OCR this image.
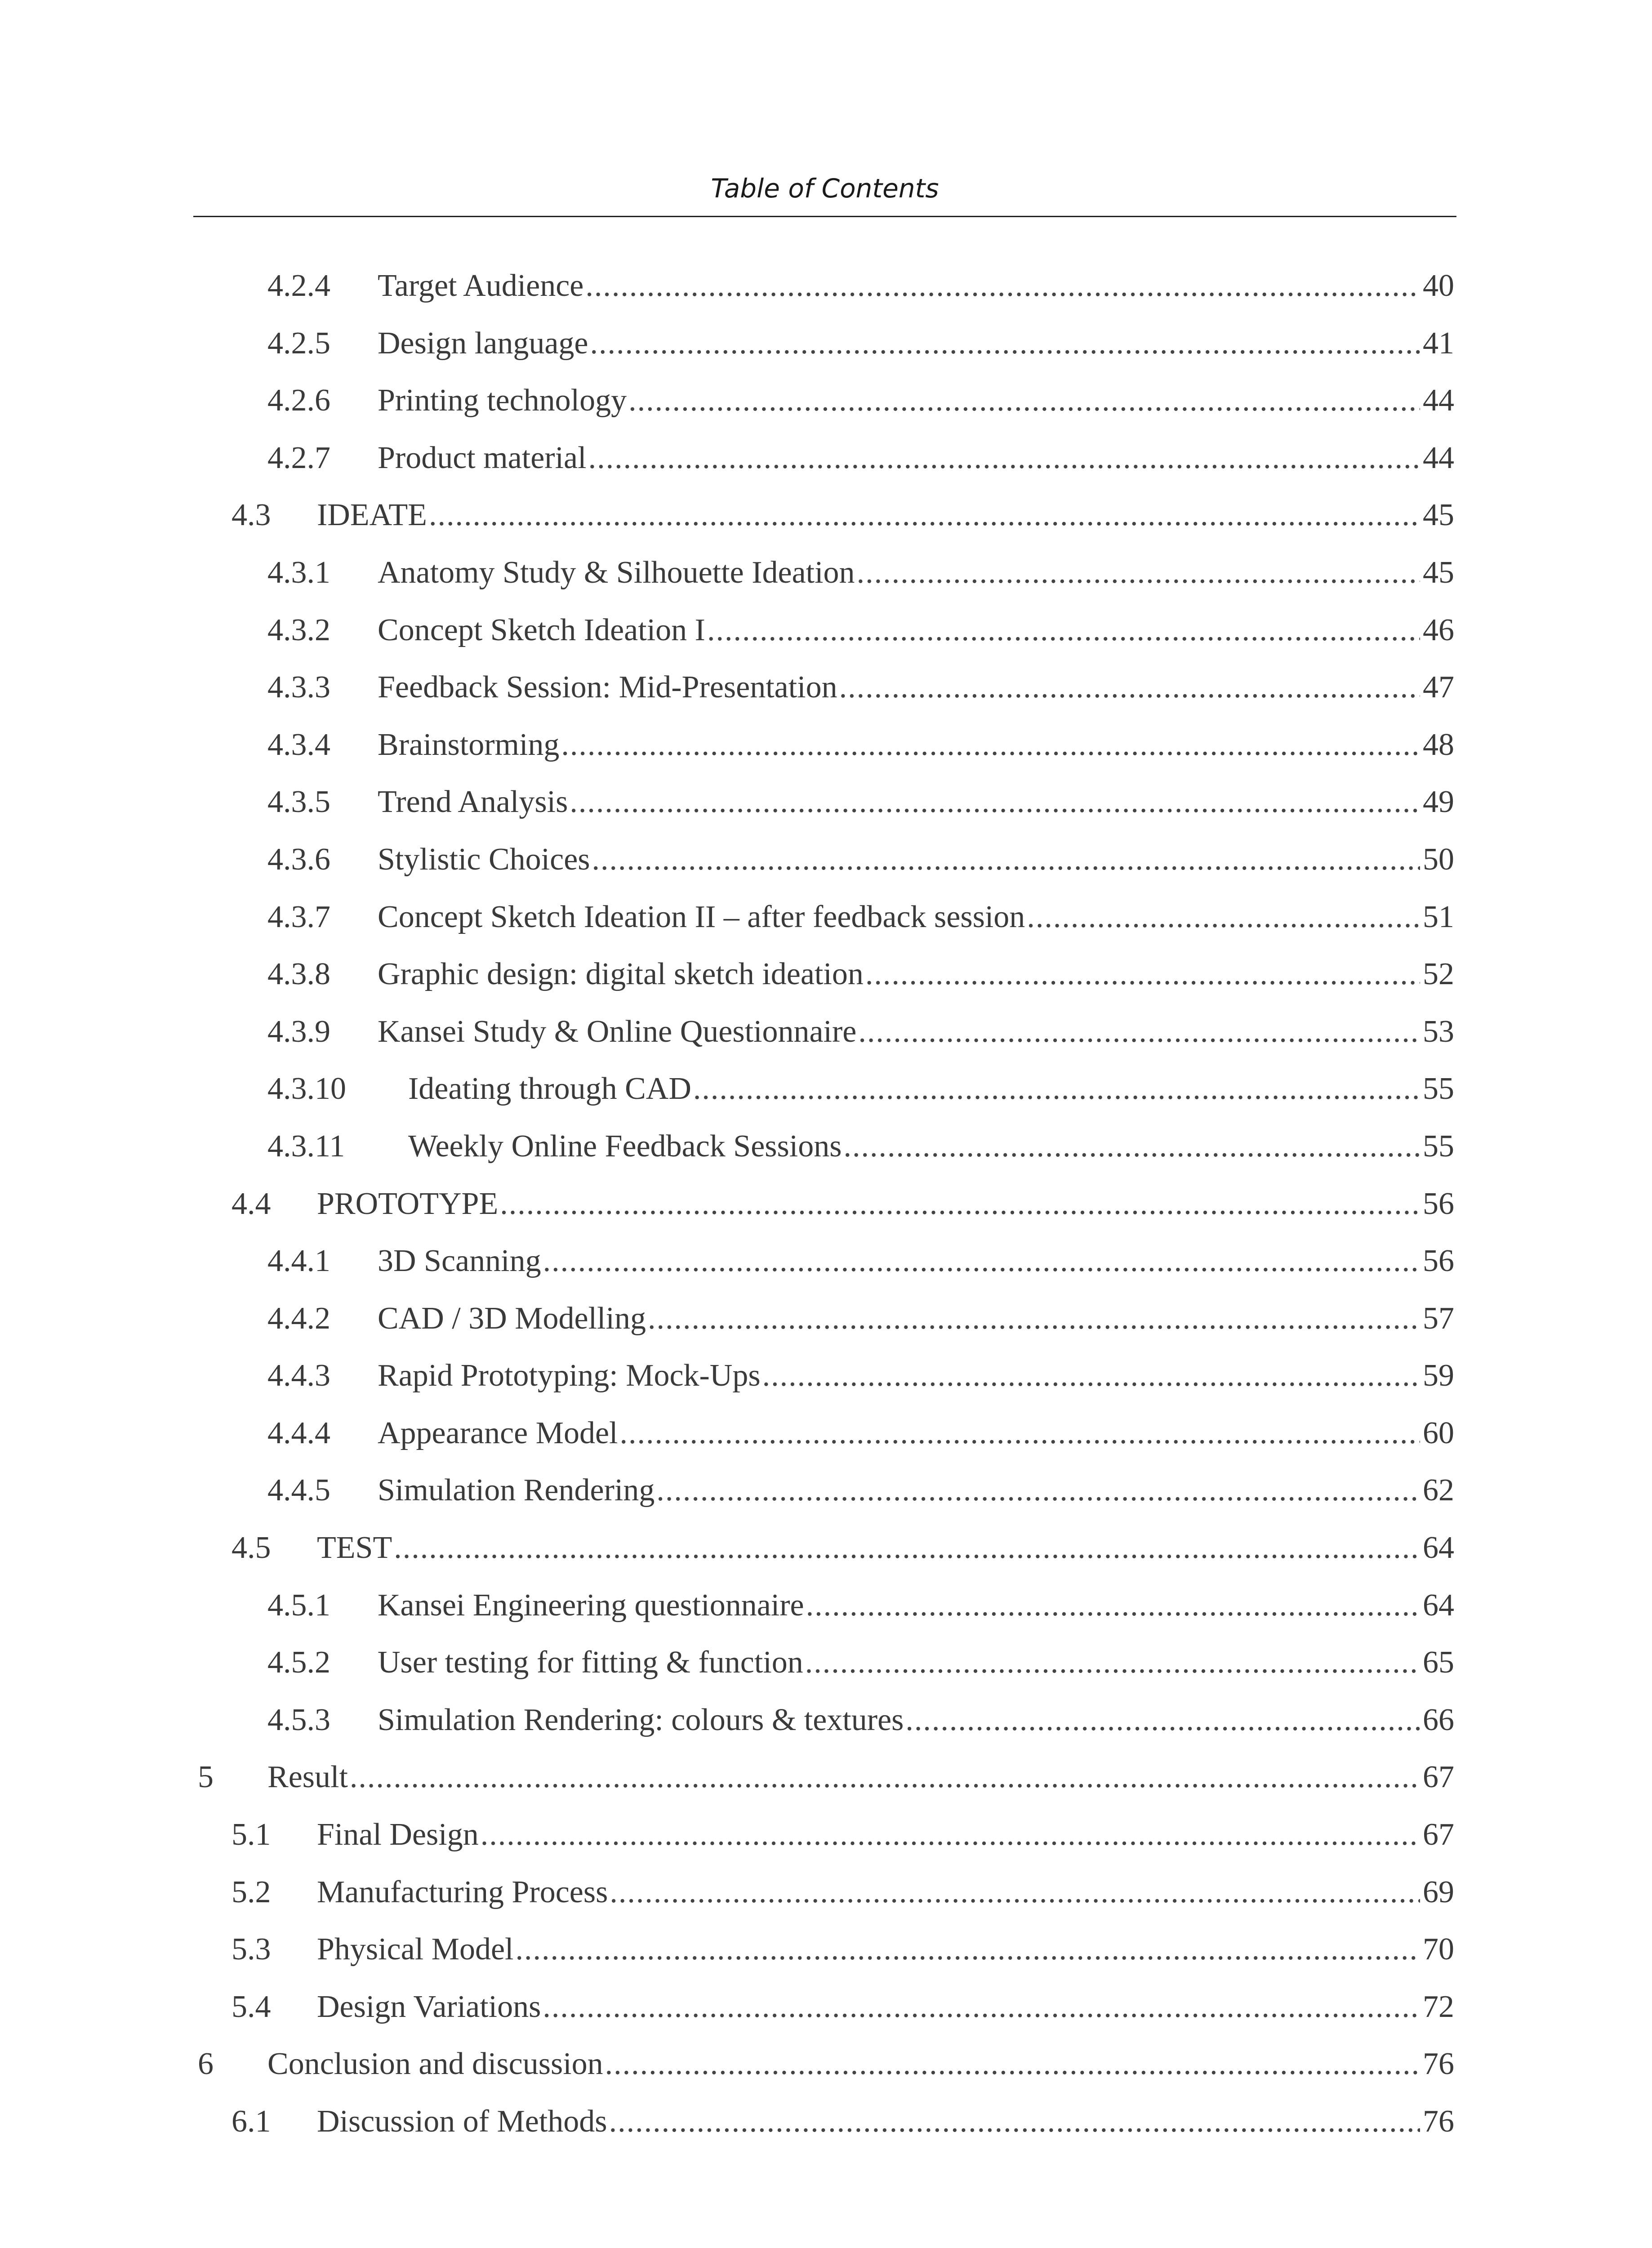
Table of Contents
4.2.4 Target Audience .....	40
4.2.5 Design language .....	41
4.2.6 Printing technology .....	44
4.2.7 Product material .....	44
4.3 IDEATE .....	45
4.3.1 Anatomy Study & Silhouette Ideation .....	45
4.3.2 Concept Sketch Ideation I .....	46
4.3.3 Feedback Session: Mid-Presentation .....	47
4.3.4 Brainstorming .....	48
4.3.5 Trend Analysis .....	49
4.3.6 Stylistic Choices .....	50
4.3.7 Concept Sketch Ideation II – after feedback session .....	51
4.3.8 Graphic design: digital sketch ideation .....	52
4.3.9 Kansei Study & Online Questionnaire .....	53
4.3.10 Ideating through CAD .....	55
4.3.11 Weekly Online Feedback Sessions .....	55
4.4 PROTOTYPE .....	56
4.4.1 3D Scanning .....	56
4.4.2 CAD / 3D Modelling .....	57
4.4.3 Rapid Prototyping: Mock-Ups .....	59
4.4.4 Appearance Model .....	60
4.4.5 Simulation Rendering .....	62
4.5 TEST .....	64
4.5.1 Kansei Engineering questionnaire .....	64
4.5.2 User testing for fitting & function .....	65
4.5.3 Simulation Rendering: colours & textures .....	66
5 Result .....	67
5.1 Final Design .....	67
5.2 Manufacturing Process .....	69
5.3 Physical Model .....	70
5.4 Design Variations .....	72
6 Conclusion and discussion .....	76
6.1 Discussion of Methods .....	76
